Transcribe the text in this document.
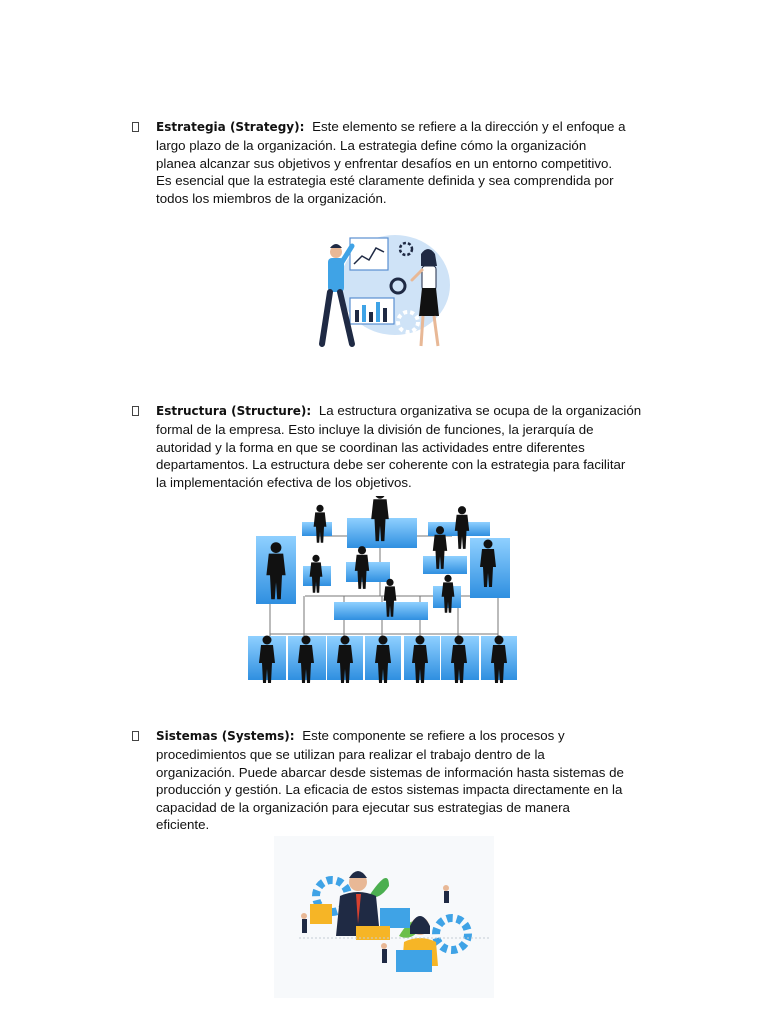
Estrategia (Strategy): Este elemento se refiere a la dirección y el enfoque a
largo plazo de la organización. La estrategia define cómo la organización
planea alcanzar sus objetivos y enfrentar desafíos en un entorno competitivo.
Es esencial que la estrategia esté claramente definida y sea comprendida por
todos los miembros de la organización.
Estructura (Structure): La estructura organizativa se ocupa de la organización
formal de la empresa. Esto incluye la división de funciones, la jerarquía de
autoridad y la forma en que se coordinan las actividades entre diferentes
departamentos. La estructura debe ser coherente con la estrategia para facilitar
la implementación efectiva de los objetivos.
Sistemas (Systems): Este componente se refiere a los procesos y
procedimientos que se utilizan para realizar el trabajo dentro de la
organización. Puede abarcar desde sistemas de información hasta sistemas de
producción y gestión. La eficacia de estos sistemas impacta directamente en la
capacidad de la organización para ejecutar sus estrategias de manera
eficiente.
